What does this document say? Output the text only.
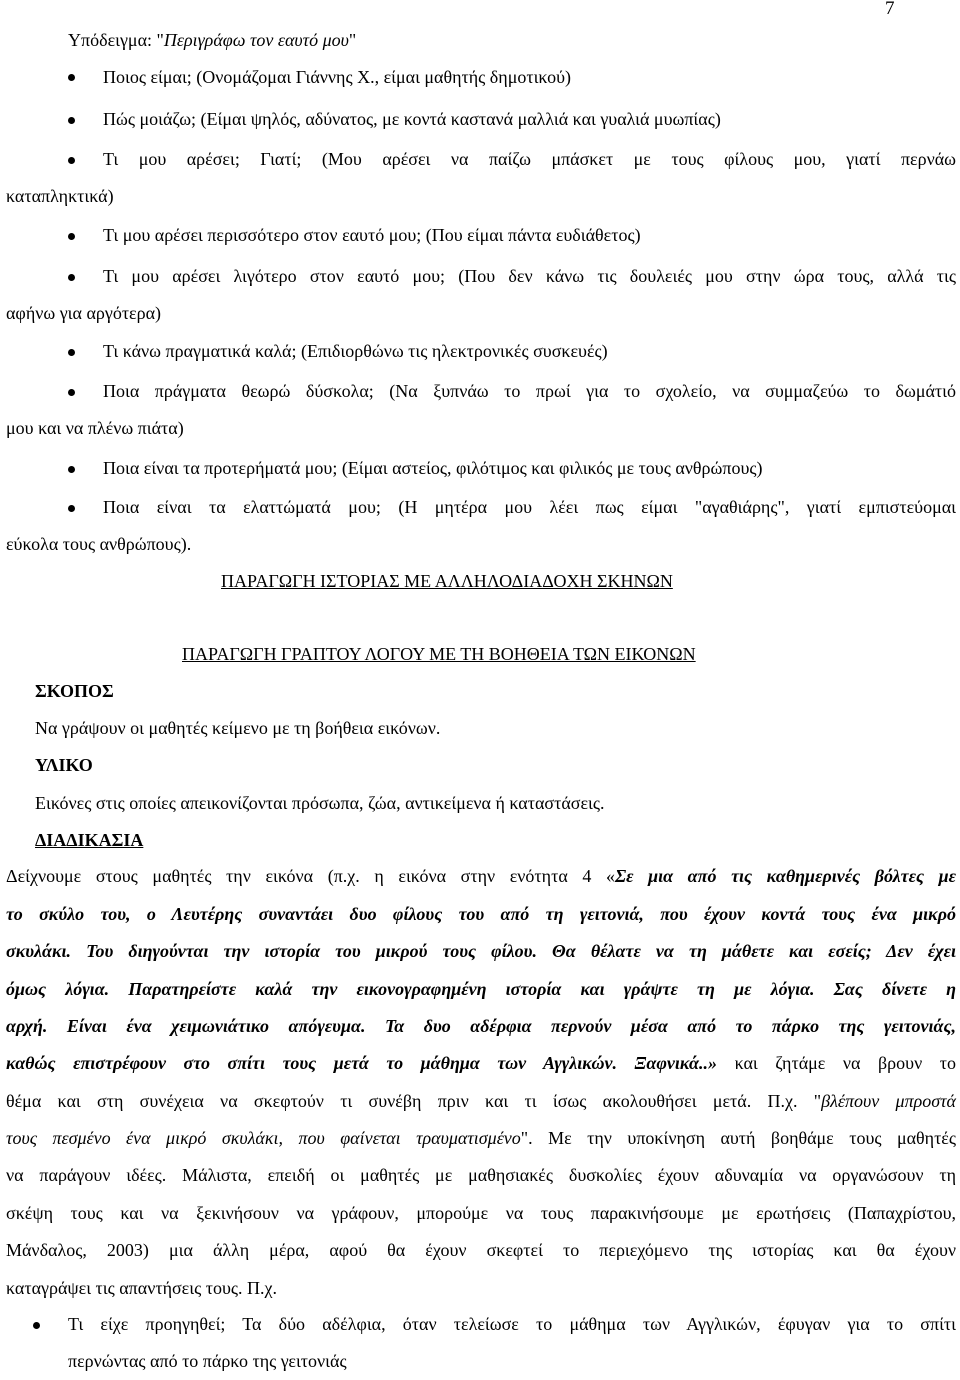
7
Υπόδειγμα: "Περιγράφω τον εαυτό μου"
Ποιος είμαι; (Ονομάζομαι Γιάννης Χ., είμαι μαθητής δημοτικού)
Πώς μοιάζω; (Είμαι ψηλός, αδύνατος, με κοντά καστανά μαλλιά και γυαλιά μυωπίας)
Τι μου αρέσει; Γιατί; (Μου αρέσει να παίζω μπάσκετ με τους φίλους μου, γιατί περνάω
καταπληκτικά)
Τι μου αρέσει περισσότερο στον εαυτό μου; (Που είμαι πάντα ευδιάθετος)
Τι μου αρέσει λιγότερο στον εαυτό μου; (Που δεν κάνω τις δουλειές μου στην ώρα τους, αλλά τις
αφήνω για αργότερα)
Τι κάνω πραγματικά καλά; (Επιδιορθώνω τις ηλεκτρονικές συσκευές)
Ποια πράγματα θεωρώ δύσκολα; (Να ξυπνάω το πρωί για το σχολείο, να συμμαζεύω το δωμάτιό
μου και να πλένω πιάτα)
Ποια είναι τα προτερήματά μου; (Είμαι αστείος, φιλότιμος και φιλικός με τους ανθρώπους)
Ποια είναι τα ελαττώματά μου; (Η μητέρα μου λέει πως είμαι "αγαθιάρης", γιατί εμπιστεύομαι
εύκολα τους ανθρώπους).
ΠΑΡΑΓΩΓΗ ΙΣΤΟΡΙΑΣ ΜΕ ΑΛΛΗΛΟΔΙΑΔΟΧΗ ΣΚΗΝΩΝ
ΠΑΡΑΓΩΓΗ ΓΡΑΠΤΟΥ ΛΟΓΟΥ ΜΕ ΤΗ ΒΟΗΘΕΙΑ ΤΩΝ ΕΙΚΟΝΩΝ
ΣΚΟΠΟΣ
Να γράψουν οι μαθητές κείμενο με τη βοήθεια εικόνων.
ΥΛΙΚΟ
Εικόνες στις οποίες απεικονίζονται πρόσωπα, ζώα, αντικείμενα ή καταστάσεις.
ΔΙΑΔΙΚΑΣΙΑ
Δείχνουμε στους μαθητές την εικόνα (π.χ. η εικόνα στην ενότητα 4 «Σε μια από τις καθημερινές βόλτες με
το σκύλο του, ο Λευτέρης συναντάει δυο φίλους του από τη γειτονιά, που έχουν κοντά τους ένα μικρό
σκυλάκι. Του διηγούνται την ιστορία του μικρού τους φίλου. Θα θέλατε να τη μάθετε και εσείς; Δεν έχει
όμως λόγια. Παρατηρείστε καλά την εικονογραφημένη ιστορία και γράψτε τη με λόγια. Σας δίνετε η
αρχή. Είναι ένα χειμωνιάτικο απόγευμα. Τα δυο αδέρφια περνούν μέσα από το πάρκο της γειτονιάς,
καθώς επιστρέφουν στο σπίτι τους μετά το μάθημα των Αγγλικών. Ξαφνικά..» και ζητάμε να βρουν το
θέμα και στη συνέχεια να σκεφτούν τι συνέβη πριν και τι ίσως ακολουθήσει μετά. Π.χ. "βλέπουν μπροστά
τους πεσμένο ένα μικρό σκυλάκι, που φαίνεται τραυματισμένο". Με την υποκίνηση αυτή βοηθάμε τους μαθητές
να παράγουν ιδέες. Μάλιστα, επειδή οι μαθητές με μαθησιακές δυσκολίες έχουν αδυναμία να οργανώσουν τη
σκέψη τους και να ξεκινήσουν να γράφουν, μπορούμε να τους παρακινήσουμε με ερωτήσεις (Παπαχρίστου,
Μάνδαλος, 2003) μια άλλη μέρα, αφού θα έχουν σκεφτεί το περιεχόμενο της ιστορίας και θα έχουν
καταγράψει τις απαντήσεις τους. Π.χ.
Τι είχε προηγηθεί; Τα δύο αδέλφια, όταν τελείωσε το μάθημα των Αγγλικών, έφυγαν για το σπίτι
περνώντας από το πάρκο της γειτονιάς
